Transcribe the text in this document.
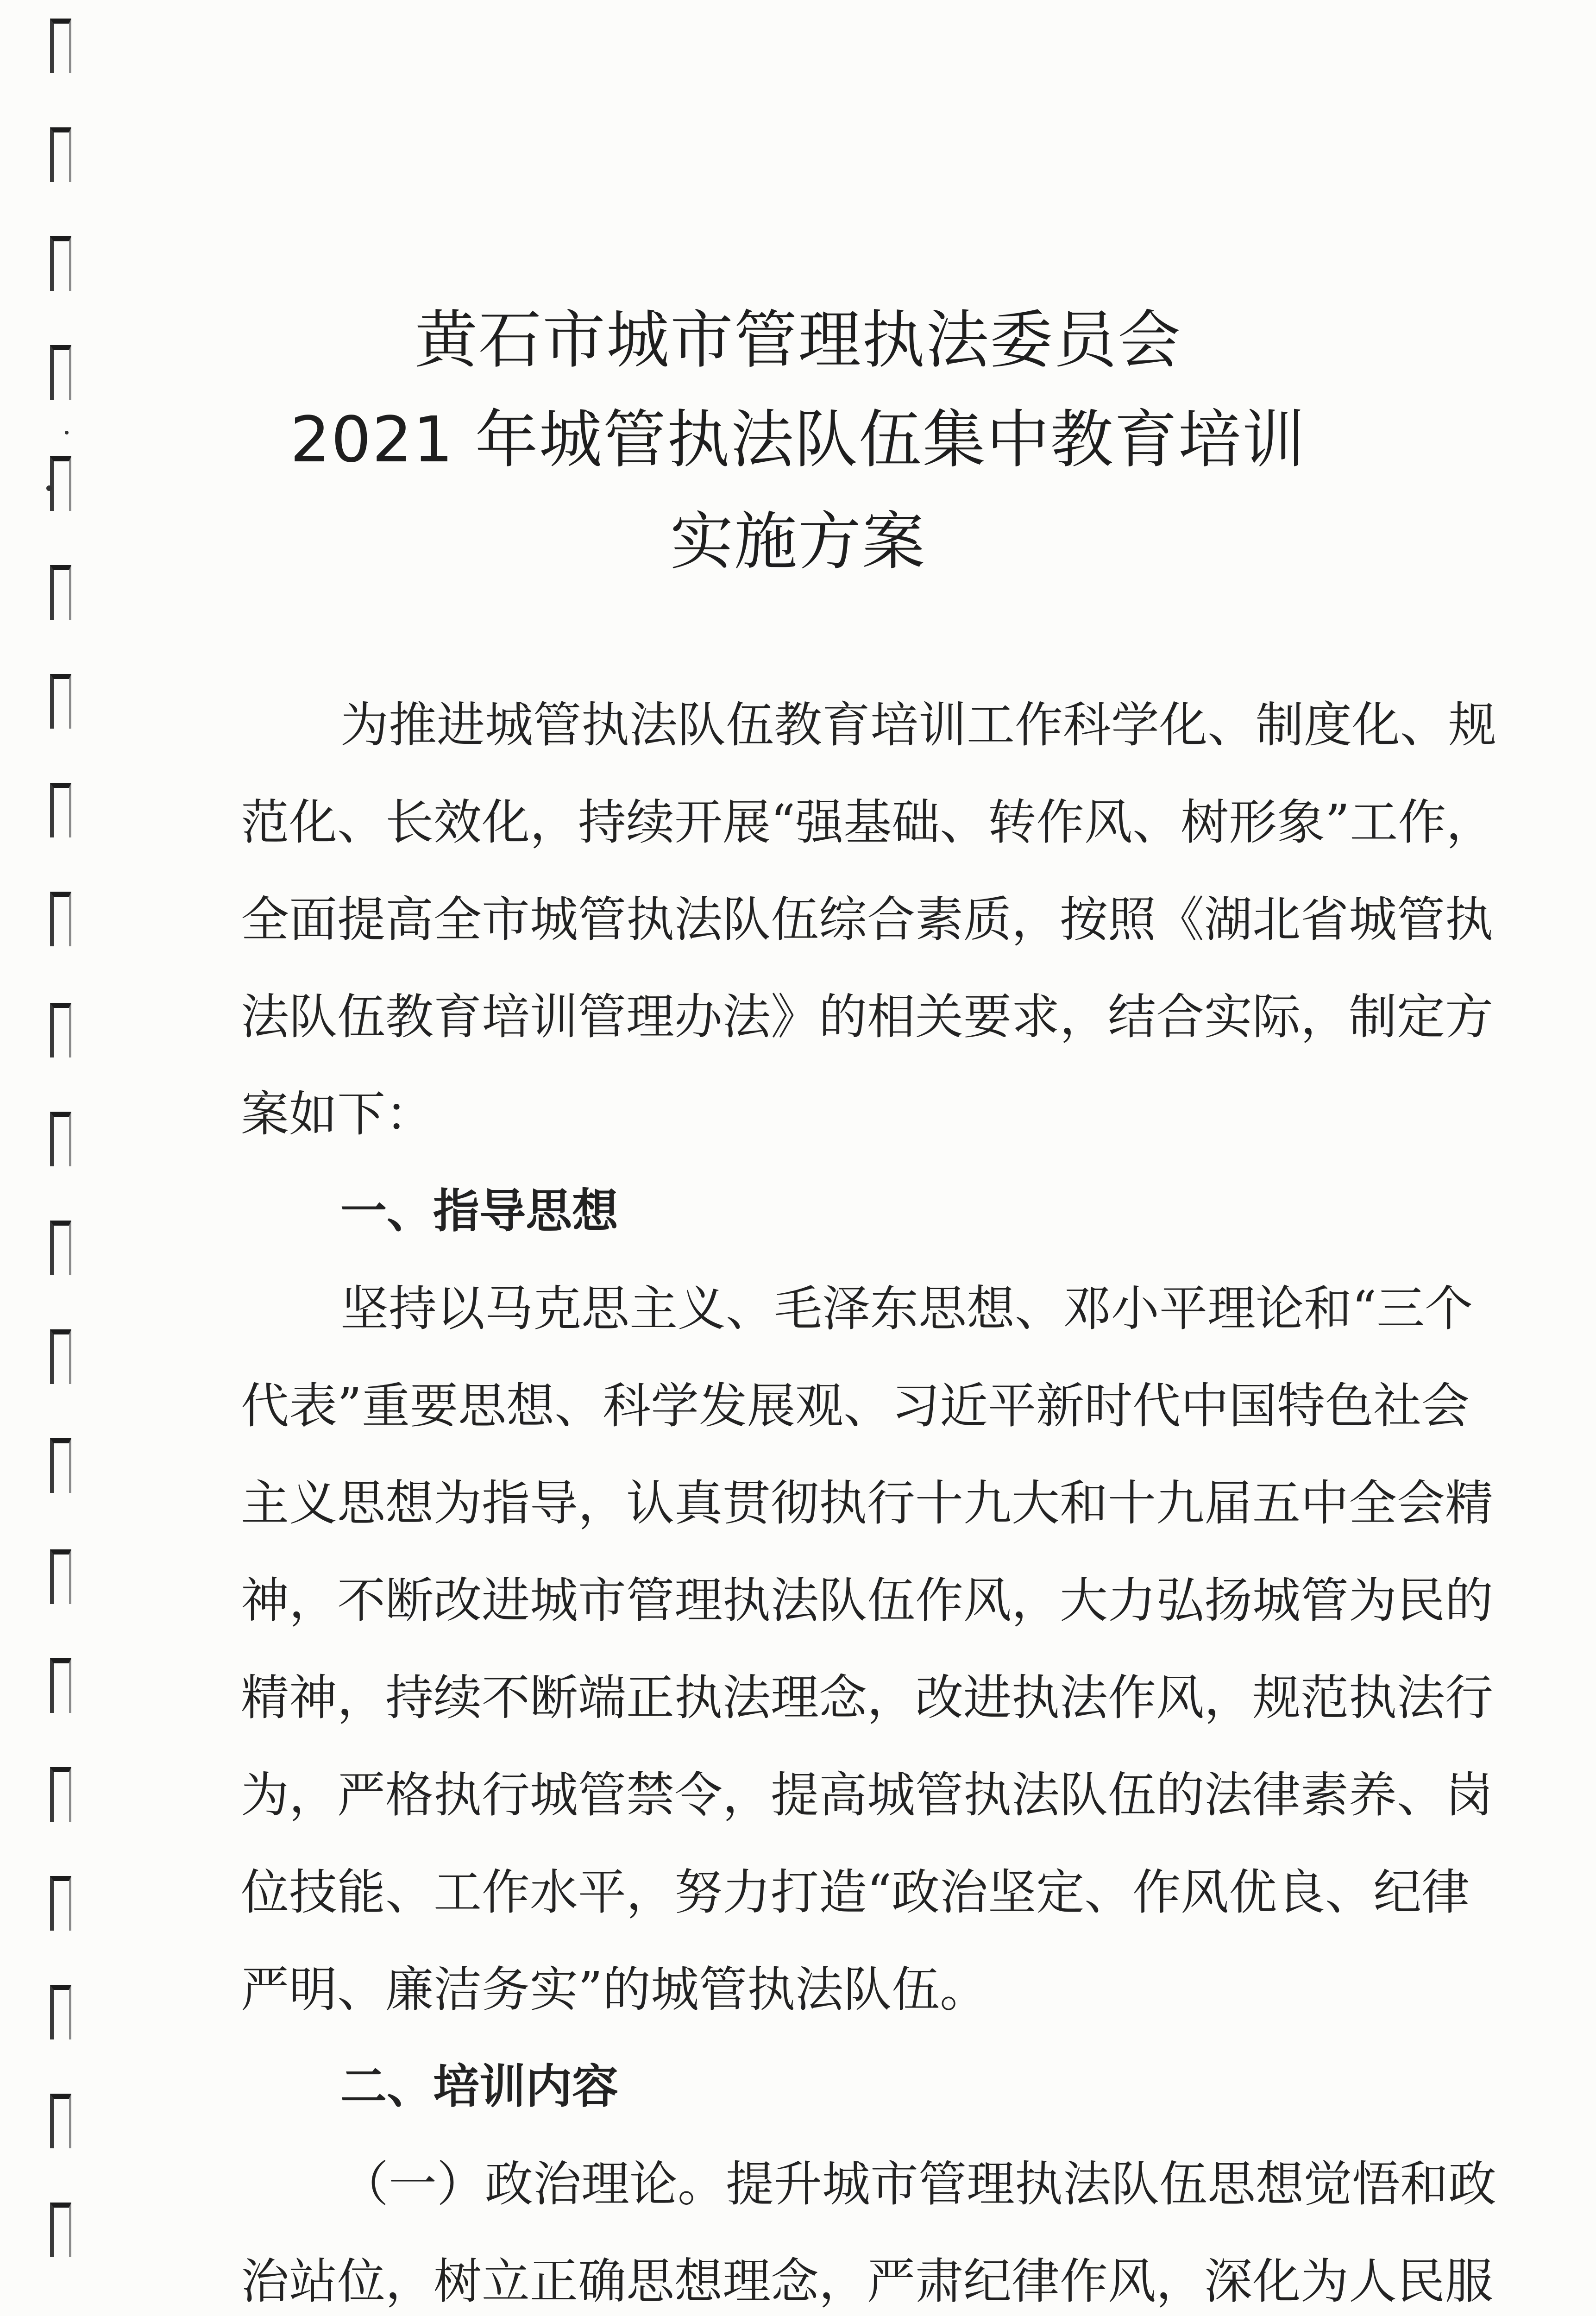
黄石市城市管理执法委员会
2021 年城管执法队伍集中教育培训
实施方案
为推进城管执法队伍教育培训工作科学化、制度化、规
范化、长效化，持续开展“强基础、转作风、树形象”工作，
全面提高全市城管执法队伍综合素质，按照《湖北省城管执
法队伍教育培训管理办法》的相关要求，结合实际，制定方
案如下：
一、指导思想
坚持以马克思主义、毛泽东思想、邓小平理论和“三个
代表”重要思想、科学发展观、习近平新时代中国特色社会
主义思想为指导，认真贯彻执行十九大和十九届五中全会精
神，不断改进城市管理执法队伍作风，大力弘扬城管为民的
精神，持续不断端正执法理念，改进执法作风，规范执法行
为，严格执行城管禁令，提高城管执法队伍的法律素养、岗
位技能、工作水平，努力打造“政治坚定、作风优良、纪律
严明、廉洁务实”的城管执法队伍。
二、培训内容
（一）政治理论。提升城市管理执法队伍思想觉悟和政
治站位，树立正确思想理念，严肃纪律作风，深化为人民服
